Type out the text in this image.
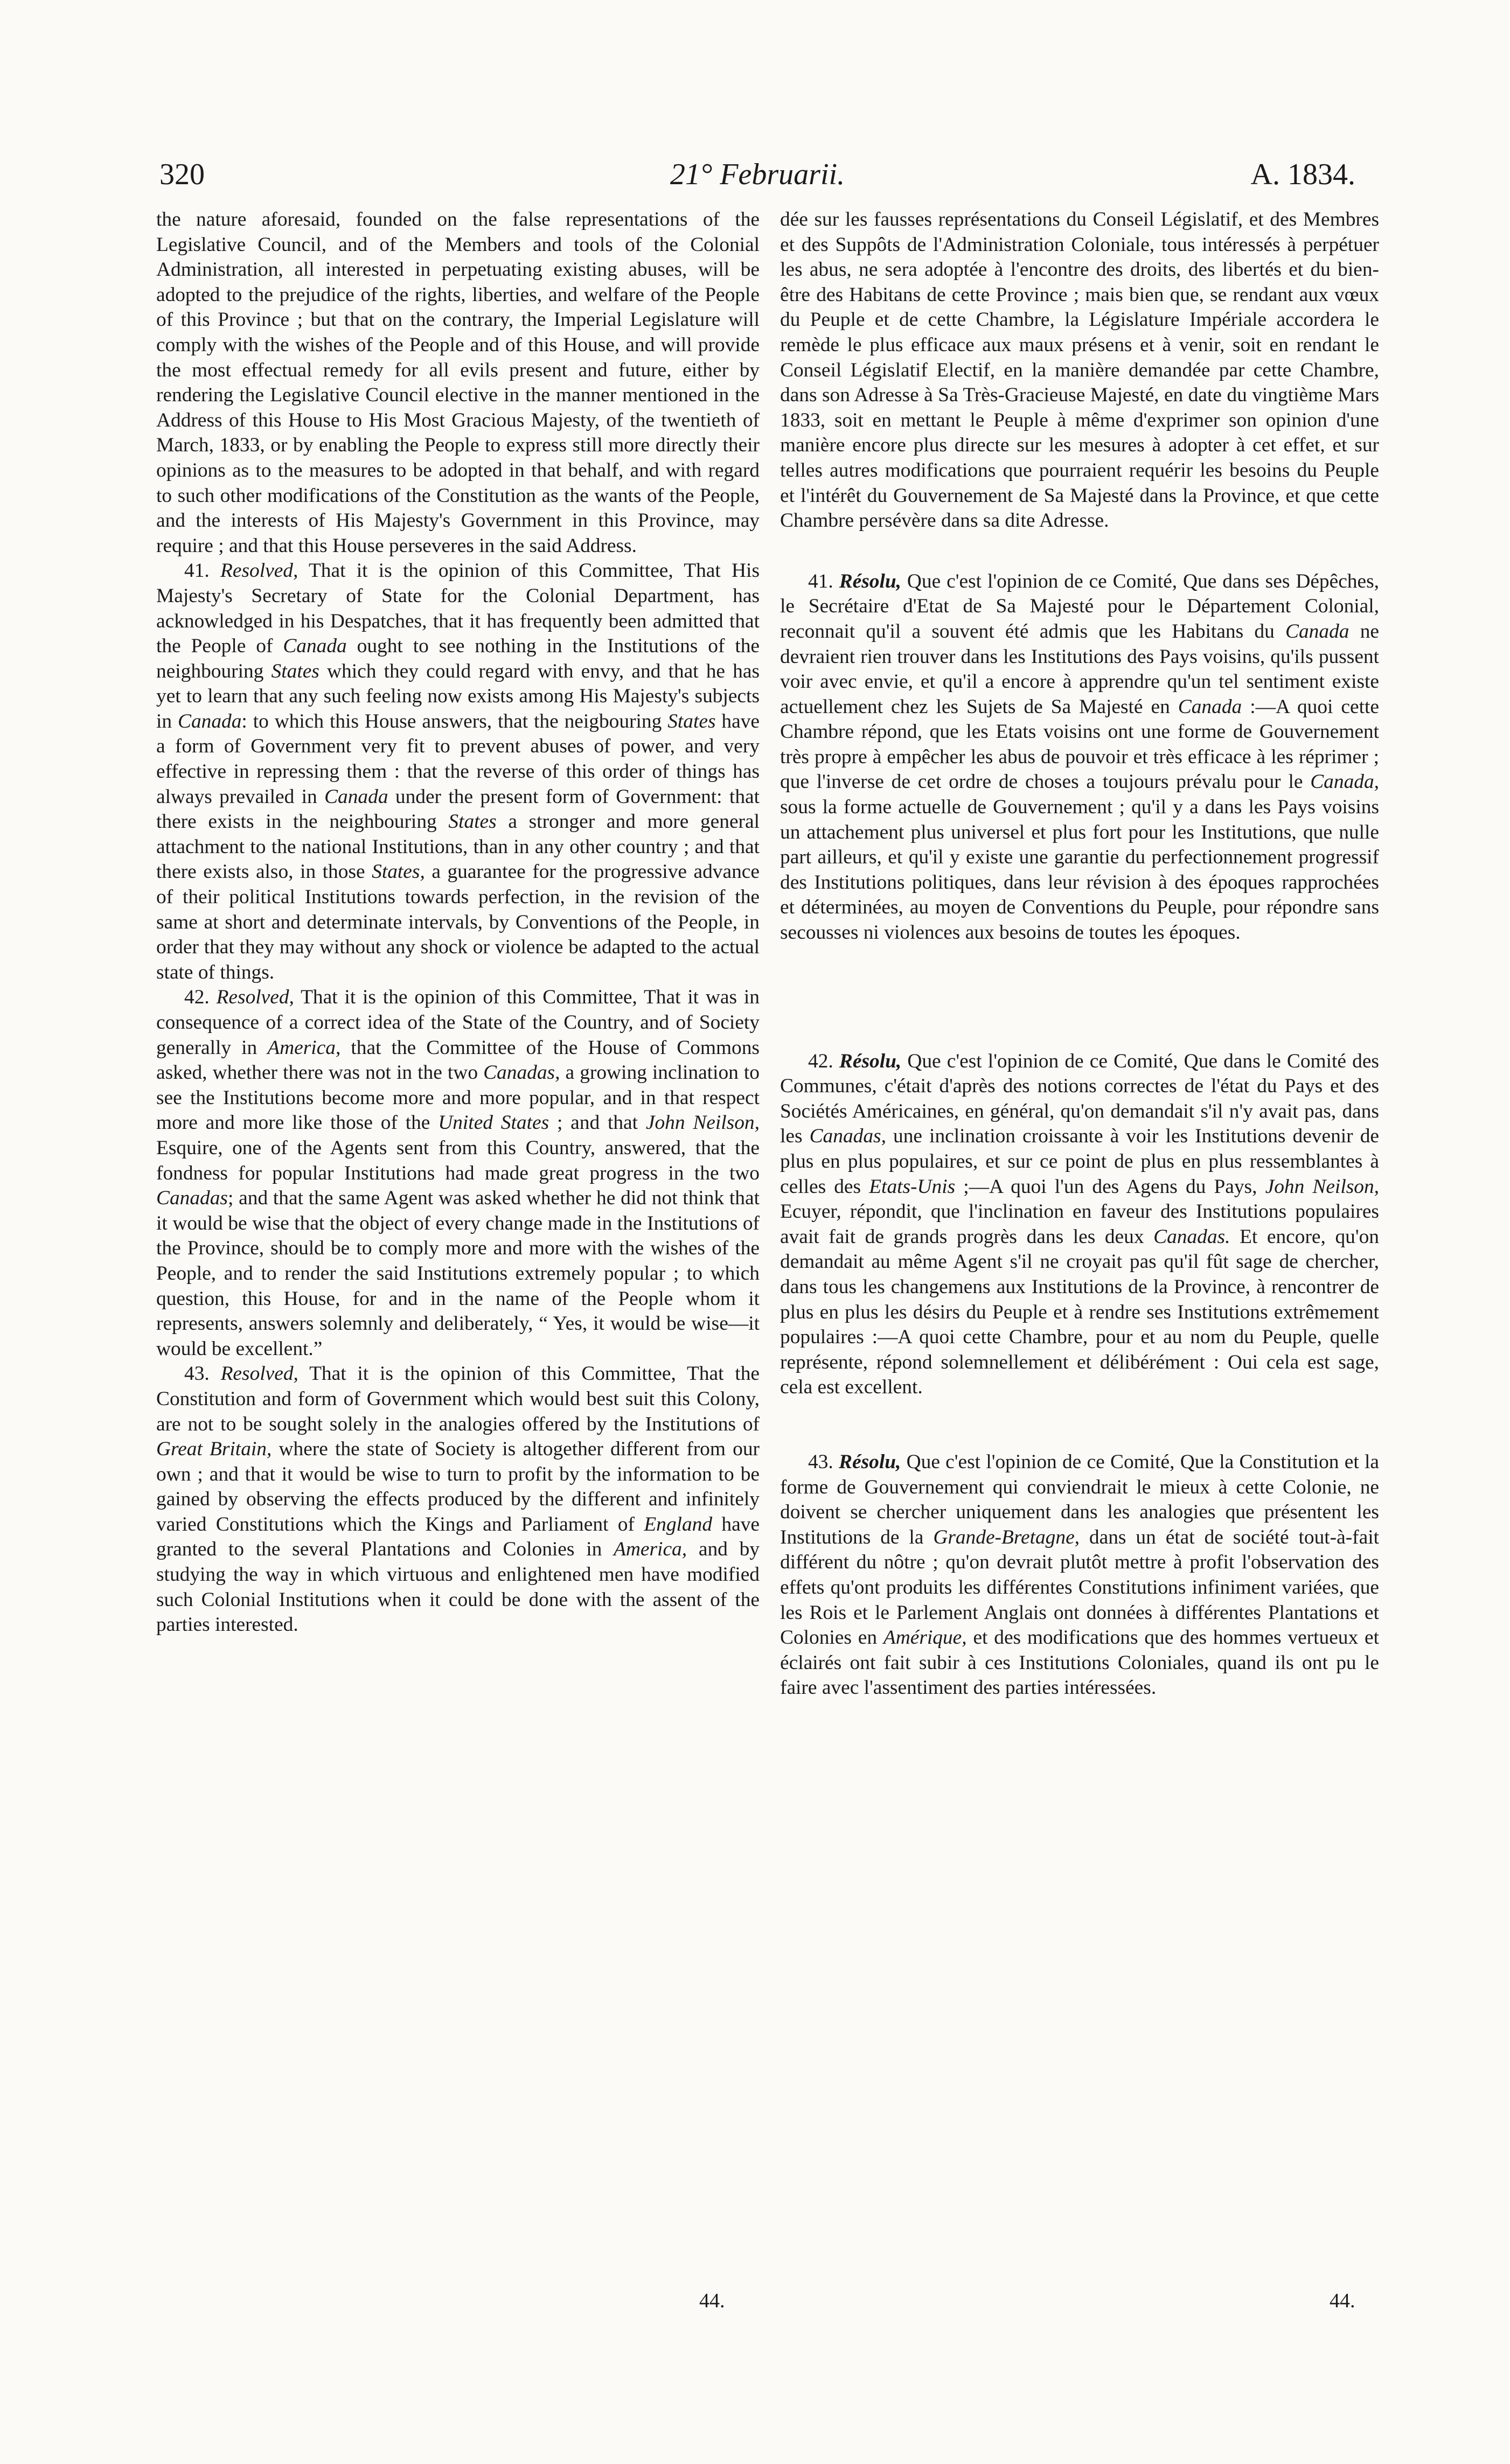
320	21° Februarii.	A. 1834.

the nature aforesaid, founded on the false representations of the Legislative Council, and of the Members and tools of the Colonial Administration, all interested in perpetuating existing abuses, will be adopted to the prejudice of the rights, liberties, and welfare of the People of this Province ; but that on the contrary, the Imperial Legislature will comply with the wishes of the People and of this House, and will provide the most effectual remedy for all evils present and future, either by rendering the Legislative Council elective in the manner mentioned in the Address of this House to His Most Gracious Majesty, of the twentieth of March, 1833, or by enabling the People to express still more directly their opinions as to the measures to be adopted in that behalf, and with regard to such other modifications of the Constitution as the wants of the People, and the interests of His Majesty's Government in this Province, may require ; and that this House perseveres in the said Address.

41. Resolved, That it is the opinion of this Committee, That His Majesty's Secretary of State for the Colonial Department, has acknowledged in his Despatches, that it has frequently been admitted that the People of Canada ought to see nothing in the Institutions of the neighbouring States which they could regard with envy, and that he has yet to learn that any such feeling now exists among His Majesty's subjects in Canada: to which this House answers, that the neigbouring States have a form of Government very fit to prevent abuses of power, and very effective in repressing them : that the reverse of this order of things has always prevailed in Canada under the present form of Government: that there exists in the neighbouring States a stronger and more general attachment to the national Institutions, than in any other country ; and that there exists also, in those States, a guarantee for the progressive advance of their political Institutions towards perfection, in the revision of the same at short and determinate intervals, by Conventions of the People, in order that they may without any shock or violence be adapted to the actual state of things.

42. Resolved, That it is the opinion of this Committee, That it was in consequence of a correct idea of the State of the Country, and of Society generally in America, that the Committee of the House of Commons asked, whether there was not in the two Canadas, a growing inclination to see the Institutions become more and more popular, and in that respect more and more like those of the United States ; and that John Neilson, Esquire, one of the Agents sent from this Country, answered, that the fondness for popular Institutions had made great progress in the two Canadas; and that the same Agent was asked whether he did not think that it would be wise that the object of every change made in the Institutions of the Province, should be to comply more and more with the wishes of the People, and to render the said Institutions extremely popular ; to which question, this House, for and in the name of the People whom it represents, answers solemnly and deliberately, “ Yes, it would be wise—it would be excellent.”

43. Resolved, That it is the opinion of this Committee, That the Constitution and form of Government which would best suit this Colony, are not to be sought solely in the analogies offered by the Institutions of Great Britain, where the state of Society is altogether different from our own ; and that it would be wise to turn to profit by the information to be gained by observing the effects produced by the different and infinitely varied Constitutions which the Kings and Parliament of England have granted to the several Plantations and Colonies in America, and by studying the way in which virtuous and enlightened men have modified such Colonial Institutions when it could be done with the assent of the parties interested.

dée sur les fausses représentations du Conseil Législatif, et des Membres et des Suppôts de l'Administration Coloniale, tous intéressés à perpétuer les abus, ne sera adoptée à l'encontre des droits, des libertés et du bien-être des Habitans de cette Province ; mais bien que, se rendant aux vœux du Peuple et de cette Chambre, la Législature Impériale accordera le remède le plus efficace aux maux présens et à venir, soit en rendant le Conseil Législatif Electif, en la manière demandée par cette Chambre, dans son Adresse à Sa Très-Gracieuse Majesté, en date du vingtième Mars 1833, soit en mettant le Peuple à même d'exprimer son opinion d'une manière encore plus directe sur les mesures à adopter à cet effet, et sur telles autres modifications que pourraient requérir les besoins du Peuple et l'intérêt du Gouvernement de Sa Majesté dans la Province, et que cette Chambre persévère dans sa dite Adresse.

41. Résolu, Que c'est l'opinion de ce Comité, Que dans ses Dépêches, le Secrétaire d'Etat de Sa Majesté pour le Département Colonial, reconnait qu'il a souvent été admis que les Habitans du Canada ne devraient rien trouver dans les Institutions des Pays voisins, qu'ils pussent voir avec envie, et qu'il a encore à apprendre qu'un tel sentiment existe actuellement chez les Sujets de Sa Majesté en Canada :—A quoi cette Chambre répond, que les Etats voisins ont une forme de Gouvernement très propre à empêcher les abus de pouvoir et très efficace à les réprimer ; que l'inverse de cet ordre de choses a toujours prévalu pour le Canada, sous la forme actuelle de Gouvernement ; qu'il y a dans les Pays voisins un attachement plus universel et plus fort pour les Institutions, que nulle part ailleurs, et qu'il y existe une garantie du perfectionnement progressif des Institutions politiques, dans leur révision à des époques rapprochées et déterminées, au moyen de Conventions du Peuple, pour répondre sans secousses ni violences aux besoins de toutes les époques.

42. Résolu, Que c'est l'opinion de ce Comité, Que dans le Comité des Communes, c'était d'après des notions correctes de l'état du Pays et des Sociétés Américaines, en général, qu'on demandait s'il n'y avait pas, dans les Canadas, une inclination croissante à voir les Institutions devenir de plus en plus populaires, et sur ce point de plus en plus ressemblantes à celles des Etats-Unis ;—A quoi l'un des Agens du Pays, John Neilson, Ecuyer, répondit, que l'inclination en faveur des Institutions populaires avait fait de grands progrès dans les deux Canadas. Et encore, qu'on demandait au même Agent s'il ne croyait pas qu'il fût sage de chercher, dans tous les changemens aux Institutions de la Province, à rencontrer de plus en plus les désirs du Peuple et à rendre ses Institutions extrêmement populaires :—A quoi cette Chambre, pour et au nom du Peuple, quelle représente, répond solemnellement et délibérément : Oui cela est sage, cela est excellent.

43. Résolu, Que c'est l'opinion de ce Comité, Que la Constitution et la forme de Gouvernement qui conviendrait le mieux à cette Colonie, ne doivent se chercher uniquement dans les analogies que présentent les Institutions de la Grande-Bretagne, dans un état de société tout-à-fait différent du nôtre ; qu'on devrait plutôt mettre à profit l'observation des effets qu'ont produits les différentes Constitutions infiniment variées, que les Rois et le Parlement Anglais ont données à différentes Plantations et Colonies en Amérique, et des modifications que des hommes vertueux et éclairés ont fait subir à ces Institutions Coloniales, quand ils ont pu le faire avec l'assentiment des parties intéressées.

44.	44.
